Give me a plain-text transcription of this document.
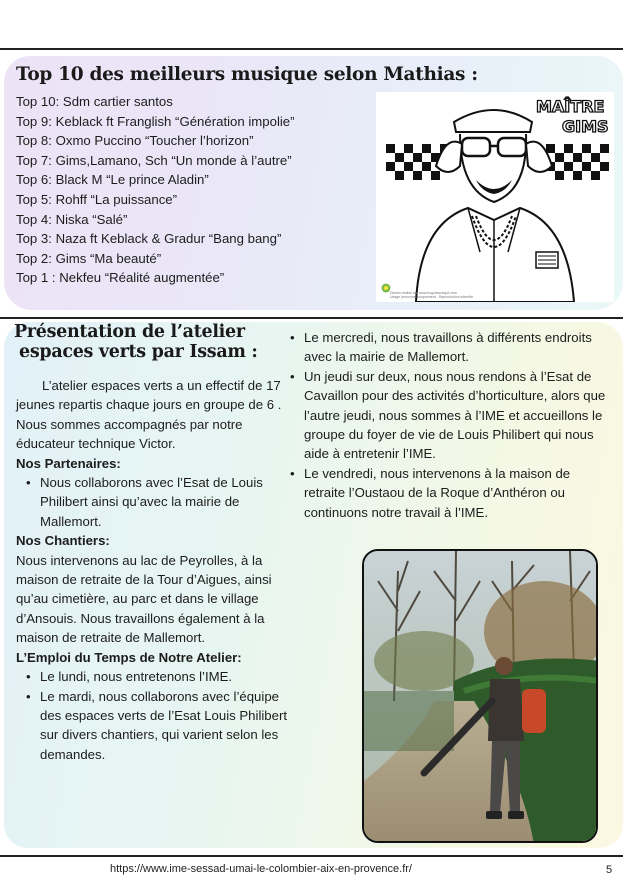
Top 10 des meilleurs musique selon Mathias :
Top 10: Sdm cartier santos
Top 9: Keblack ft Franglish “Génération impolie”
Top 8: Oxmo Puccino “Toucher l’horizon”
Top 7: Gims,Lamano, Sch “Un monde à l’autre”
Top 6: Black M “Le prince Aladin”
Top 5: Rohff “La puissance”
Top 4: Niska “Salé”
Top 3: Naza ft Keblack & Gradur “Bang bang”
Top 2: Gims “Ma beauté”
Top 1 : Nekfeu “Réalité augmentée”
MAÎTRE
GIMS
Dessin réalisé sur www.hugolescargot.com
Usage personnel uniquement - Reproduction interdite
Présentation de l’atelier
espaces verts par Issam :

L’atelier espaces verts a un effectif de 17 jeunes repartis chaque jours en groupe de 6 . Nous sommes accompagnés par notre éducateur technique Victor.

Nos Partenaires:

• Nous collaborons avec l’Esat de Louis Philibert ainsi qu’avec la mairie de Mallemort.

Nos Chantiers:

Nous intervenons au lac de Peyrolles, à la maison de retraite de la Tour d’Aigues, ainsi qu’au cimetière, au parc et dans le village d’Ansouis. Nous travaillons également à la maison de retraite de Mallemort.

L’Emploi du Temps de Notre Atelier:

• Le lundi, nous entretenons l’IME.
• Le mardi, nous collaborons avec l’équipe des espaces verts de l’Esat Louis Philibert sur divers chantiers, qui varient selon les demandes.
• Le mercredi, nous travaillons à différents endroits avec la mairie de Mallemort.
• Un jeudi sur deux, nous nous rendons à l’Esat de Cavaillon pour des activités d’horticulture, alors que l’autre jeudi, nous sommes à l’IME et accueillons le groupe du foyer de vie de Louis Philibert qui nous aide à entretenir l’IME.
• Le vendredi, nous intervenons à la maison de retraite l’Oustaou de la Roque d’Anthéron ou continuons notre travail à l’IME.
https://www.ime-sessad-umai-le-colombier-aix-en-provence.fr/	5
